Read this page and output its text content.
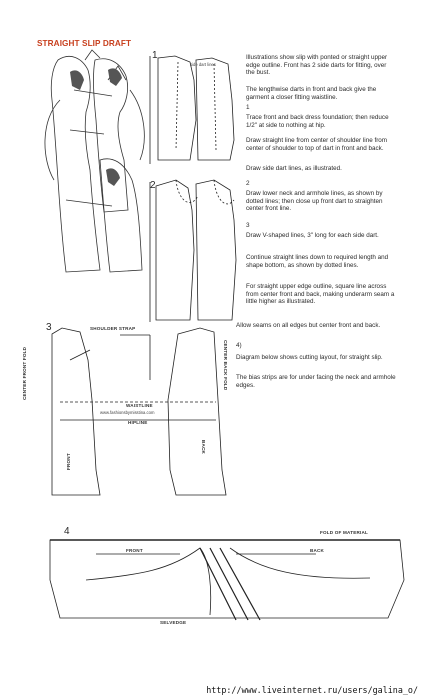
STRAIGHT SLIP DRAFT
Illustrations show slip with ponted or straight upper edge outline. Front has 2 side darts for fitting, over the bust.
The lengthwise darts in front and back give the garment a closer fitting waistline.
1
Trace front and back dress foundation; then reduce 1/2" at side to nothing at hip.
Draw straight line from center of shoulder line from center of shoulder to top of dart in front and back.
Draw side dart lines, as illustrated.
2
Draw lower neck and armhole lines, as shown by dotted lines; then close up front dart to straighten center front line.
3
Draw V-shaped lines, 3" long for each side dart.
Continue straight lines down to required length and shape bottom, as shown by dotted lines.
For straight upper edge outline, square line across from center front and back, making underarm seam a little higher as illustrated.
Allow seams on all edges but center front and back.
4)
Diagram below shows cutting layout, for straight slip.
The bias strips are for under facing the neck and armhole edges.
1
2
3
4
SHOULDER STRAP
WAISTLINE
HIPLINE
CENTER FRONT FOLD	CENTER BACK FOLD
FRONT
BACK
FOLD OF MATERIAL
FRONT	BACK
SELVEDGE
side dart lines
www.fashionsbymisstina.com
http://www.liveinternet.ru/users/galina_o/
